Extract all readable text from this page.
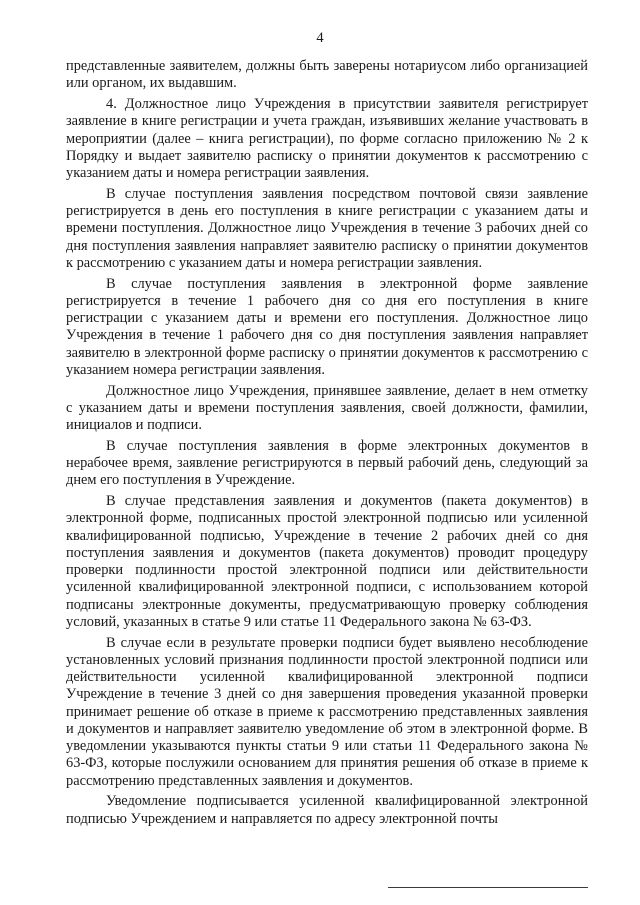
4

представленные заявителем, должны быть заверены нотариусом либо организацией или органом, их выдавшим.

4. Должностное лицо Учреждения в присутствии заявителя регистрирует заявление в книге регистрации и учета граждан, изъявивших желание участвовать в мероприятии (далее – книга регистрации), по форме согласно приложению № 2 к Порядку и выдает заявителю расписку о принятии документов к рассмотрению с указанием даты и номера регистрации заявления.

В случае поступления заявления посредством почтовой связи заявление регистрируется в день его поступления в книге регистрации с указанием даты и времени поступления. Должностное лицо Учреждения в течение 3 рабочих дней со дня поступления заявления направляет заявителю расписку о принятии документов к рассмотрению с указанием даты и номера регистрации заявления.

В случае поступления заявления в электронной форме заявление регистрируется в течение 1 рабочего дня со дня его поступления в книге регистрации с указанием даты и времени его поступления. Должностное лицо Учреждения в течение 1 рабочего дня со дня поступления заявления направляет заявителю в электронной форме расписку о принятии документов к рассмотрению с указанием номера регистрации заявления.

Должностное лицо Учреждения, принявшее заявление, делает в нем отметку с указанием даты и времени поступления заявления, своей должности, фамилии, инициалов и подписи.

В случае поступления заявления в форме электронных документов в нерабочее время, заявление регистрируются в первый рабочий день, следующий за днем его поступления в Учреждение.

В случае представления заявления и документов (пакета документов) в электронной форме, подписанных простой электронной подписью или усиленной квалифицированной подписью, Учреждение в течение 2 рабочих дней со дня поступления заявления и документов (пакета документов) проводит процедуру проверки подлинности простой электронной подписи или действительности усиленной квалифицированной электронной подписи, с использованием которой подписаны электронные документы, предусматривающую проверку соблюдения условий, указанных в статье 9 или статье 11 Федерального закона № 63-ФЗ.

В случае если в результате проверки подписи будет выявлено несоблюдение установленных условий признания подлинности простой электронной подписи или действительности усиленной квалифицированной электронной подписи Учреждение в течение 3 дней со дня завершения проведения указанной проверки принимает решение об отказе в приеме к рассмотрению представленных заявления и документов и направляет заявителю уведомление об этом в электронной форме. В уведомлении указываются пункты статьи 9 или статьи 11 Федерального закона № 63-ФЗ, которые послужили основанием для принятия решения об отказе в приеме к рассмотрению представленных заявления и документов.

Уведомление подписывается усиленной квалифицированной электронной подписью Учреждением и направляется по адресу электронной почты
